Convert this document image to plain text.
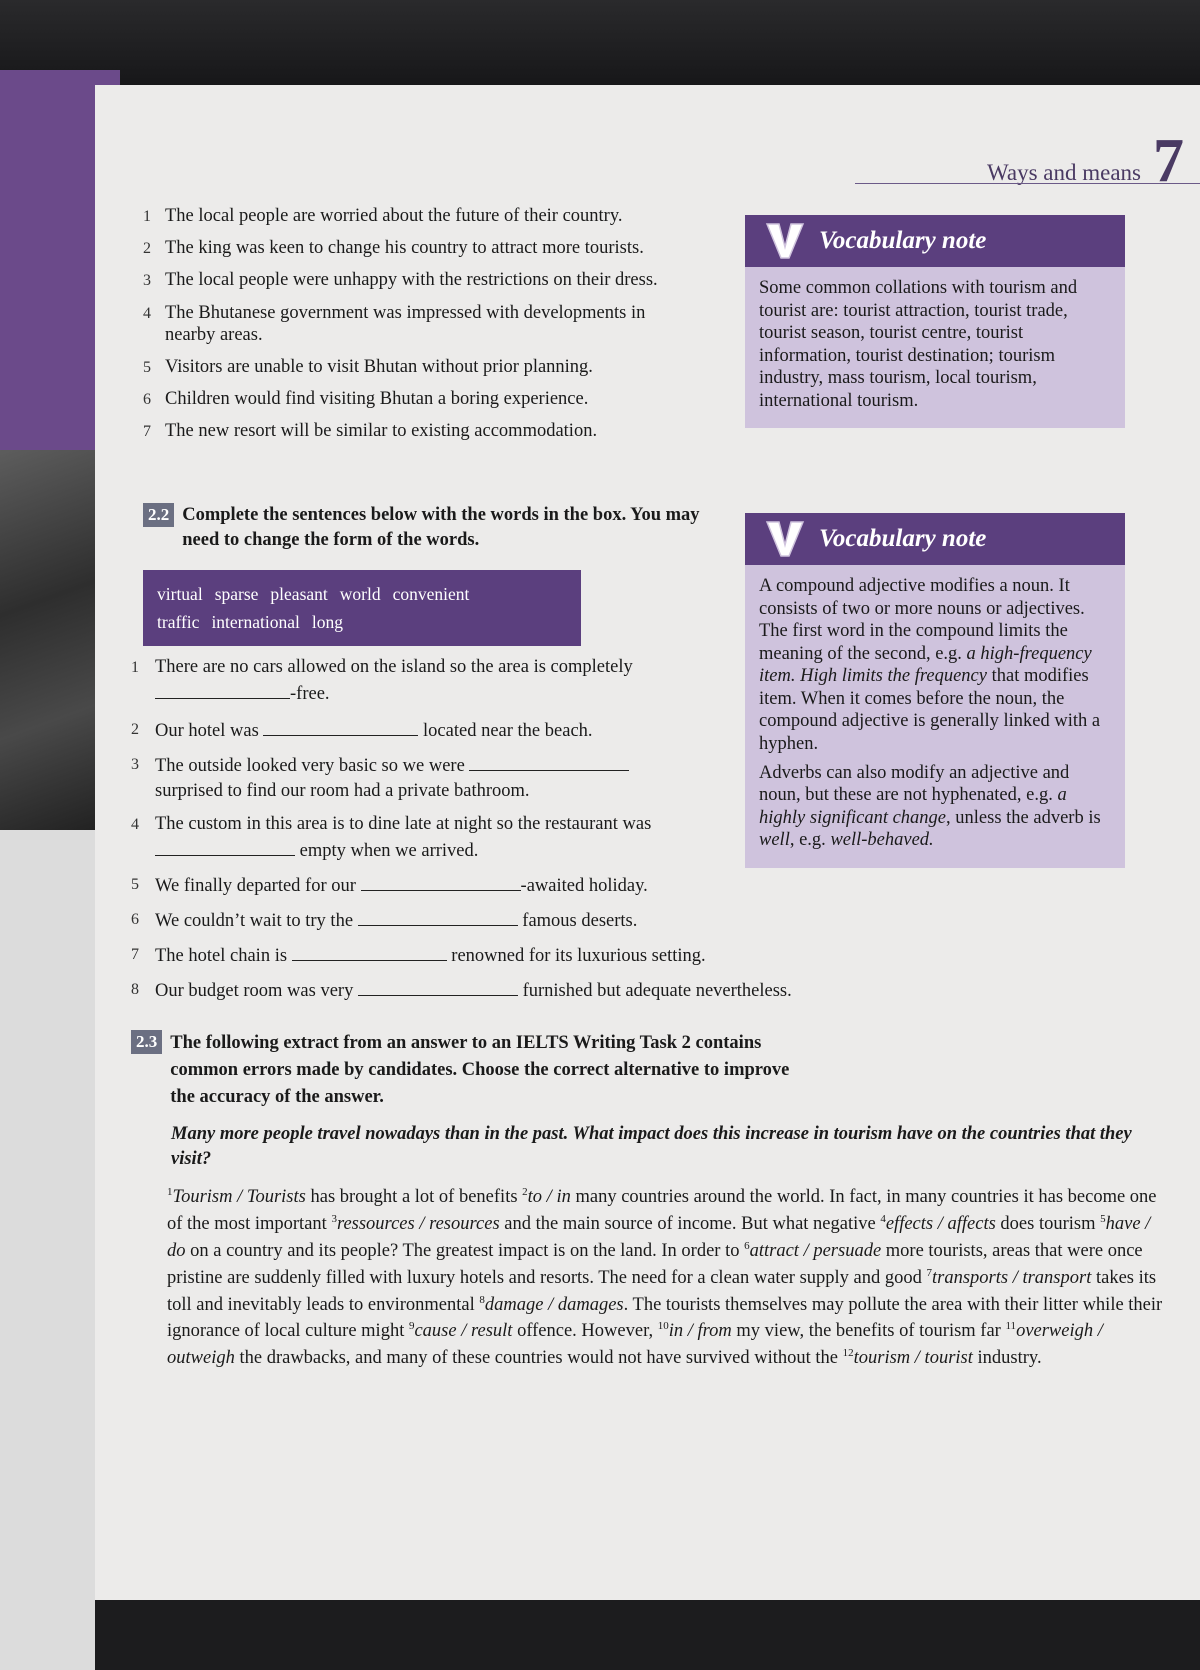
Ways and means 7
1 The local people are worried about the future of their country.
2 The king was keen to change his country to attract more tourists.
3 The local people were unhappy with the restrictions on their dress.
4 The Bhutanese government was impressed with developments in nearby areas.
5 Visitors are unable to visit Bhutan without prior planning.
6 Children would find visiting Bhutan a boring experience.
7 The new resort will be similar to existing accommodation.
2.2 Complete the sentences below with the words in the box. You may need to change the form of the words.
virtual sparse pleasant world convenient
traffic international long
1 There are no cars allowed on the island so the area is completely
-free.
2 Our hotel was	located near the beach.
3 The outside looked very basic so we were
surprised to find our room had a private bathroom.
4 The custom in this area is to dine late at night so the restaurant was  empty when we arrived.
5 We finally departed for our	-awaited holiday.
6 We couldn’t wait to try the	famous deserts.
7 The hotel chain is	renowned for its luxurious setting.
8 Our budget room was very	furnished but adequate nevertheless.
Vocabulary note

Some common collations with tourism and tourist are: tourist attraction, tourist trade, tourist season, tourist centre, tourist information, tourist destination; tourism industry, mass tourism, local tourism, international tourism.

Vocabulary note

A compound adjective modifies a noun. It consists of two or more nouns or adjectives. The first word in the compound limits the meaning of the second, e.g. a high-frequency item. High limits the frequency that modifies item. When it comes before the noun, the compound adjective is generally linked with a hyphen.

Adverbs can also modify an adjective and noun, but these are not hyphenated, e.g. a highly significant change, unless the adverb is well, e.g. well-behaved.

2.3 The following extract from an answer to an IELTS Writing Task 2 contains common errors made by candidates. Choose the correct alternative to improve the accuracy of the answer.
Many more people travel nowadays than in the past. What impact does this increase in tourism have on the countries that they visit?
$^1$Tourism / Tourists has brought a lot of benefits $^2$to / in many countries around the world. In fact, in many countries it has become one of the most important $^3$ressources / resources and the main source of income. But what negative $^4$effects / affects does tourism $^5$have / do on a country and its people? The greatest impact is on the land. In order to $^6$attract / persuade more tourists, areas that were once pristine are suddenly filled with luxury hotels and resorts. The need for a clean water supply and good $^7$transports / transport takes its toll and inevitably leads to environmental $^8$damage / damages. The tourists themselves may pollute the area with their litter while their ignorance of local culture might $^9$cause / result offence. However, $^{10}$in / from my view, the benefits of tourism far $^{11}$overweigh / outweigh the drawbacks, and many of these countries would not have survived without the $^{12}$tourism / tourist industry.
